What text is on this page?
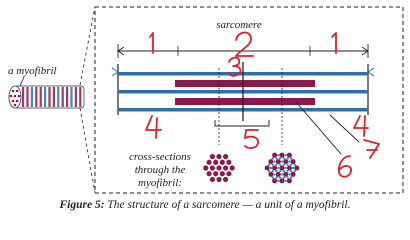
a myofibril
sarcomere
cross-sections
through the
myofibril:
1	2	1
3
4
4
5
6
7
Figure 5: The structure of a sarcomere — a unit of a myofibril.
